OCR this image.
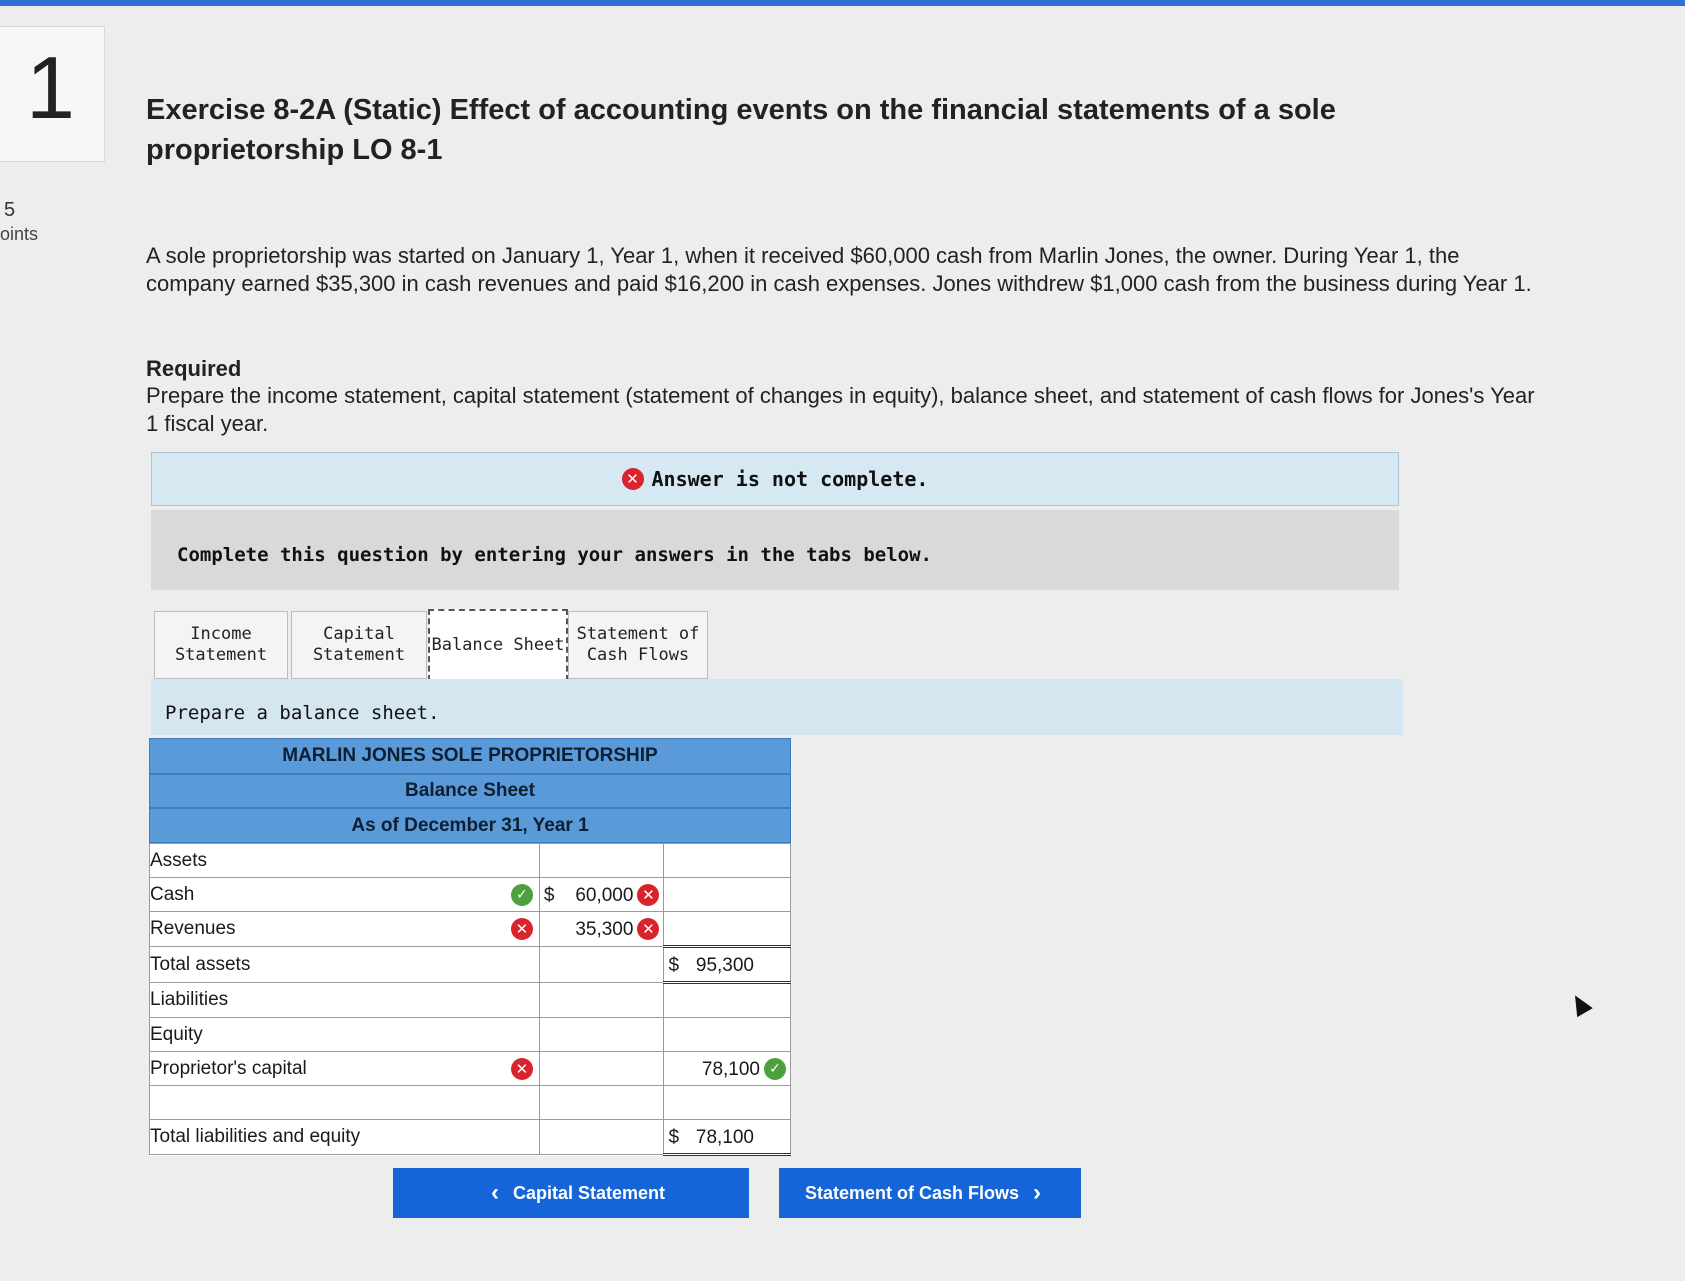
1
5
oints
Exercise 8-2A (Static) Effect of accounting events on the financial statements of a sole proprietorship LO 8-1
A sole proprietorship was started on January 1, Year 1, when it received $60,000 cash from Marlin Jones, the owner. During Year 1, the company earned $35,300 in cash revenues and paid $16,200 in cash expenses. Jones withdrew $1,000 cash from the business during Year 1.
Required
Prepare the income statement, capital statement (statement of changes in equity), balance sheet, and statement of cash flows for Jones's Year 1 fiscal year.
✕ Answer is not complete.
Complete this question by entering your answers in the tabs below.
Income
Statement
Capital
Statement
Balance Sheet
Statement of
Cash Flows
Prepare a balance sheet.
MARLIN JONES SOLE PROPRIETORSHIP
Balance Sheet
As of December 31, Year 1
Assets		
Cash ✓	$ 60,000 ✕	

Revenues ✕	35,300 ✕	

Total assets		$ 95,300

Liabilities		
Equity		
Proprietor's capital ✕		78,100 ✓

Total liabilities and equity		$ 78,100
‹ Capital Statement	Statement of Cash Flows ›
